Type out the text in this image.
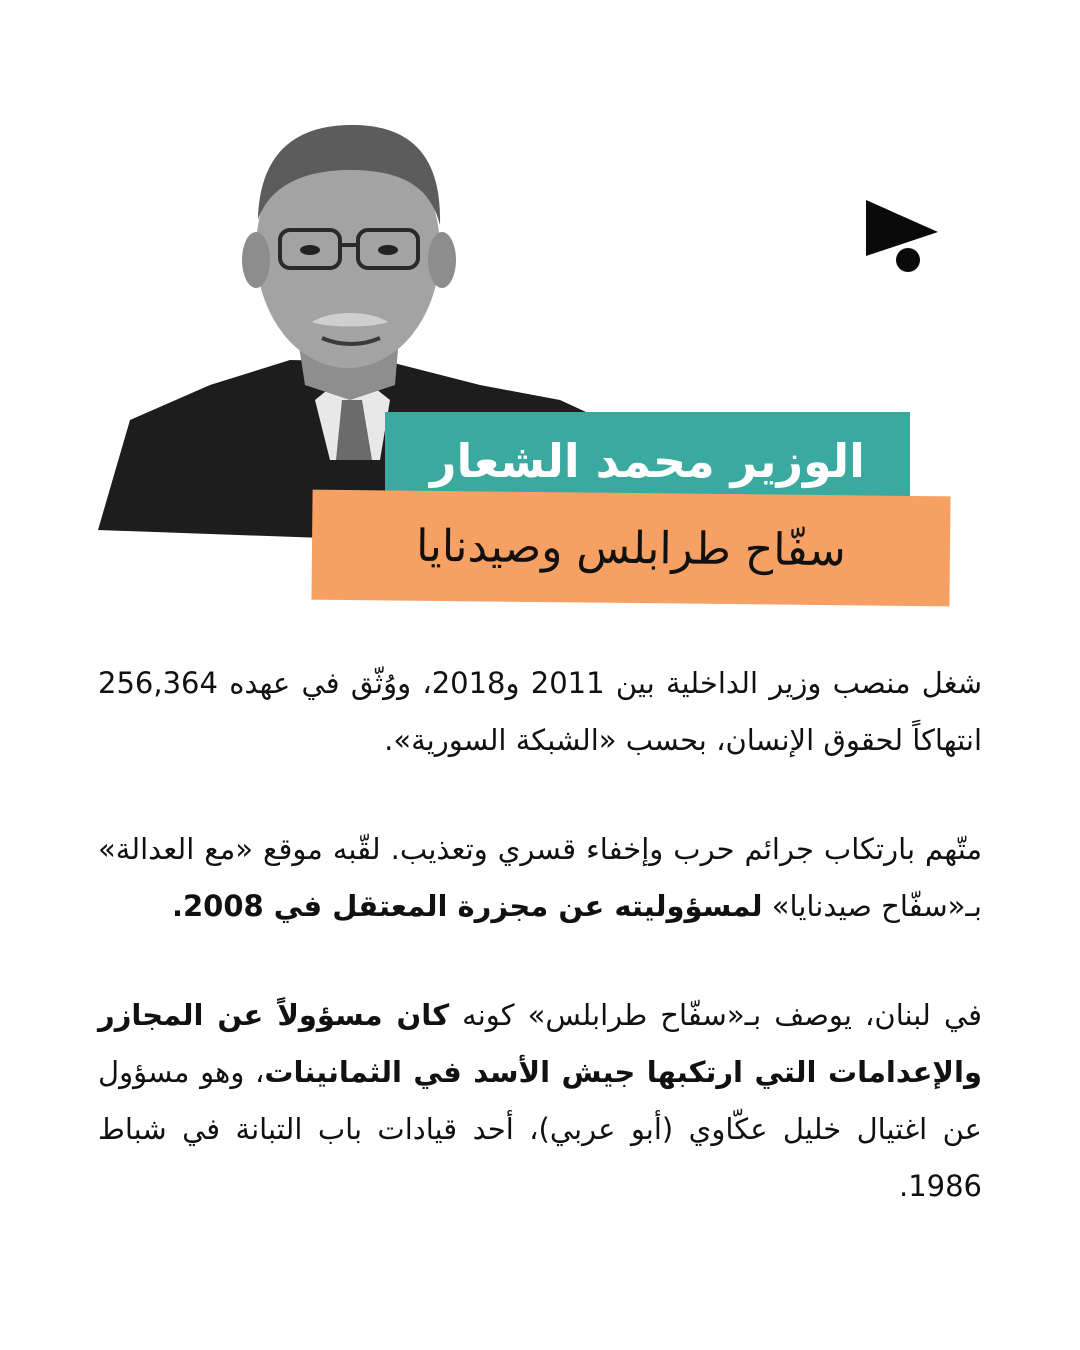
الوزير محمد الشعار
سفّاح طرابلس وصيدنايا

شغل منصب وزير الداخلية بين 2011 و2018، ووُثّق في عهده 256,364 انتهاكاً لحقوق الإنسان، بحسب «الشبكة السورية».

متّهم بارتكاب جرائم حرب وإخفاء قسري وتعذيب. لقّبه موقع «مع العدالة» بـ«سفّاح صيدنايا» لمسؤوليته عن مجزرة المعتقل في 2008.

في لبنان، يوصف بـ«سفّاح طرابلس» كونه كان مسؤولاً عن المجازر والإعدامات التي ارتكبها جيش الأسد في الثمانينات، وهو مسؤول عن اغتيال خليل عكّاوي (أبو عربي)، أحد قيادات باب التبانة في شباط 1986.
